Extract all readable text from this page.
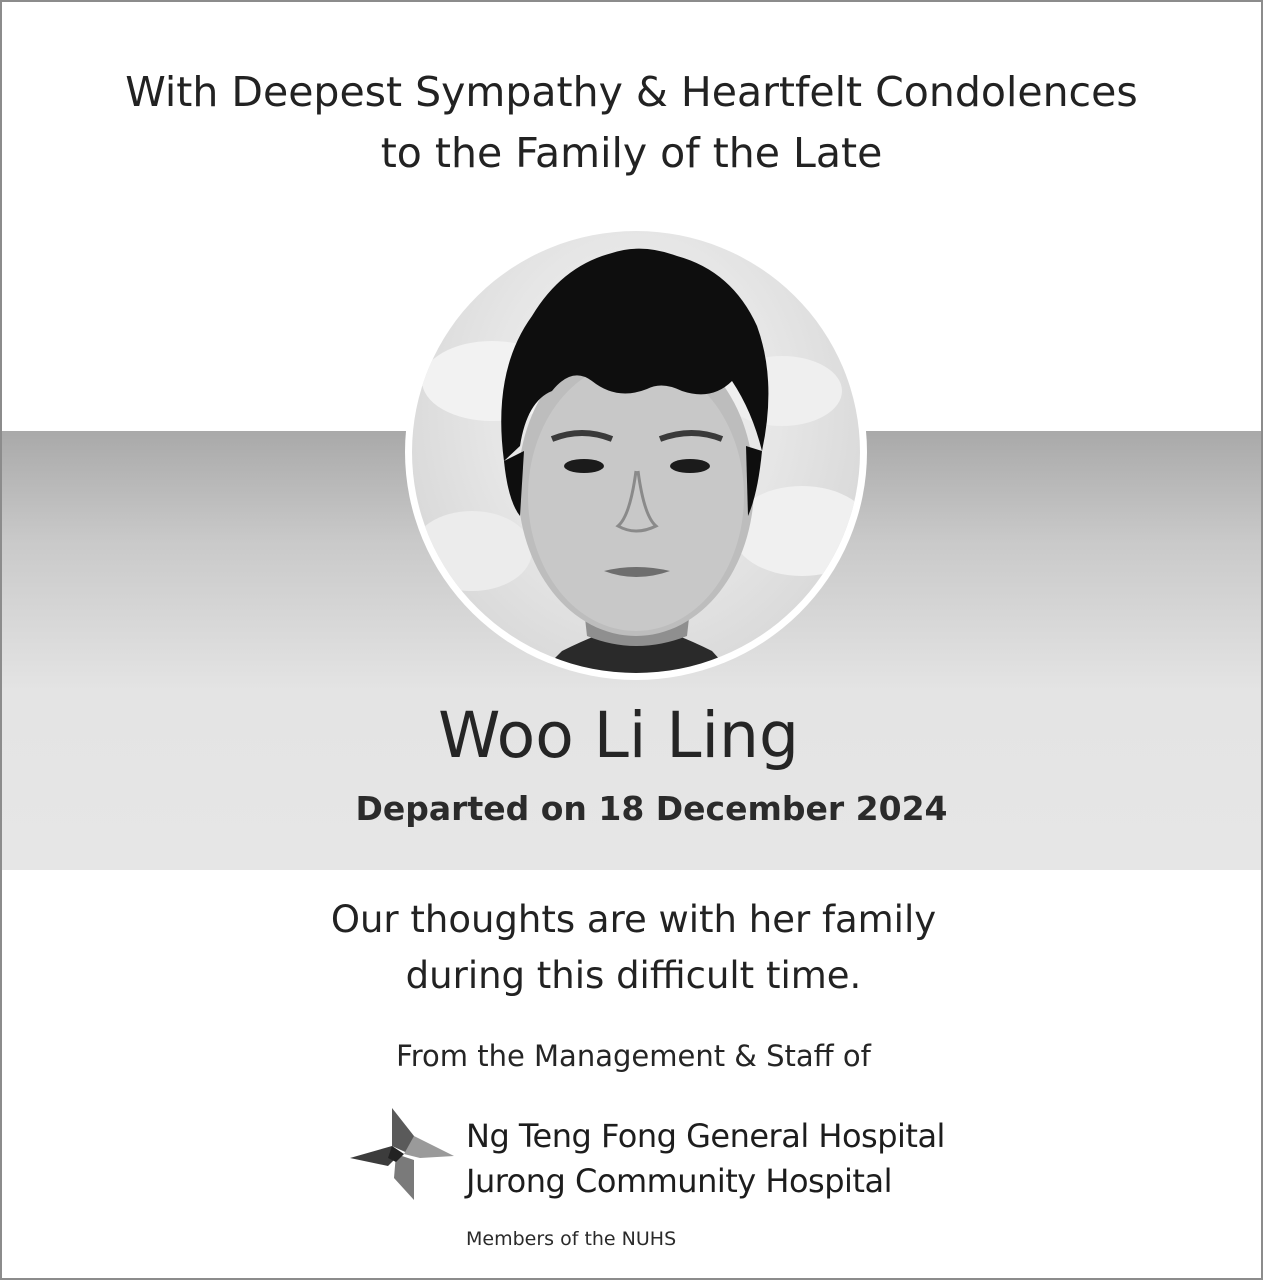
With Deepest Sympathy & Heartfelt Condolences
to the Family of the Late
Woo Li Ling
Departed on 18 December 2024
Our thoughts are with her family
during this difficult time.
From the Management & Staff of
Ng Teng Fong General Hospital
Jurong Community Hospital
Members of the NUHS
